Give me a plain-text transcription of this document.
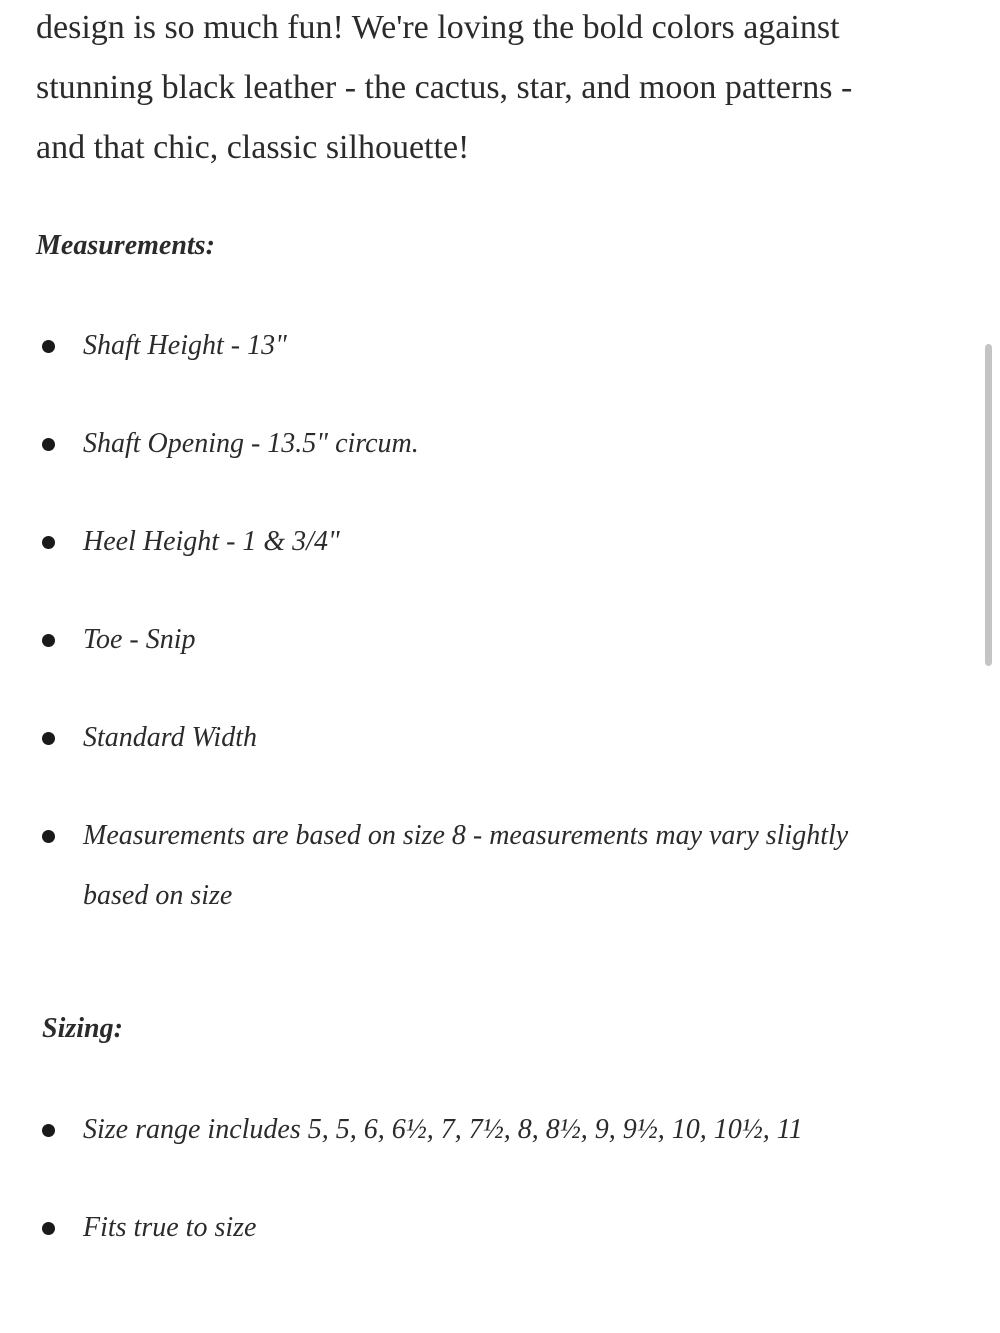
design is so much fun! We're loving the bold colors against
stunning black leather - the cactus, star, and moon patterns -
and that chic, classic silhouette!

Measurements:
Shaft Height - 13"
Shaft Opening - 13.5" circum.
Heel Height - 1 & 3/4"
Toe - Snip
Standard Width
Measurements are based on size 8 - measurements may vary slightly
based on size
Sizing:
Size range includes 5, 5, 6, 6½, 7, 7½, 8, 8½, 9, 9½, 10, 10½, 11
Fits true to size
